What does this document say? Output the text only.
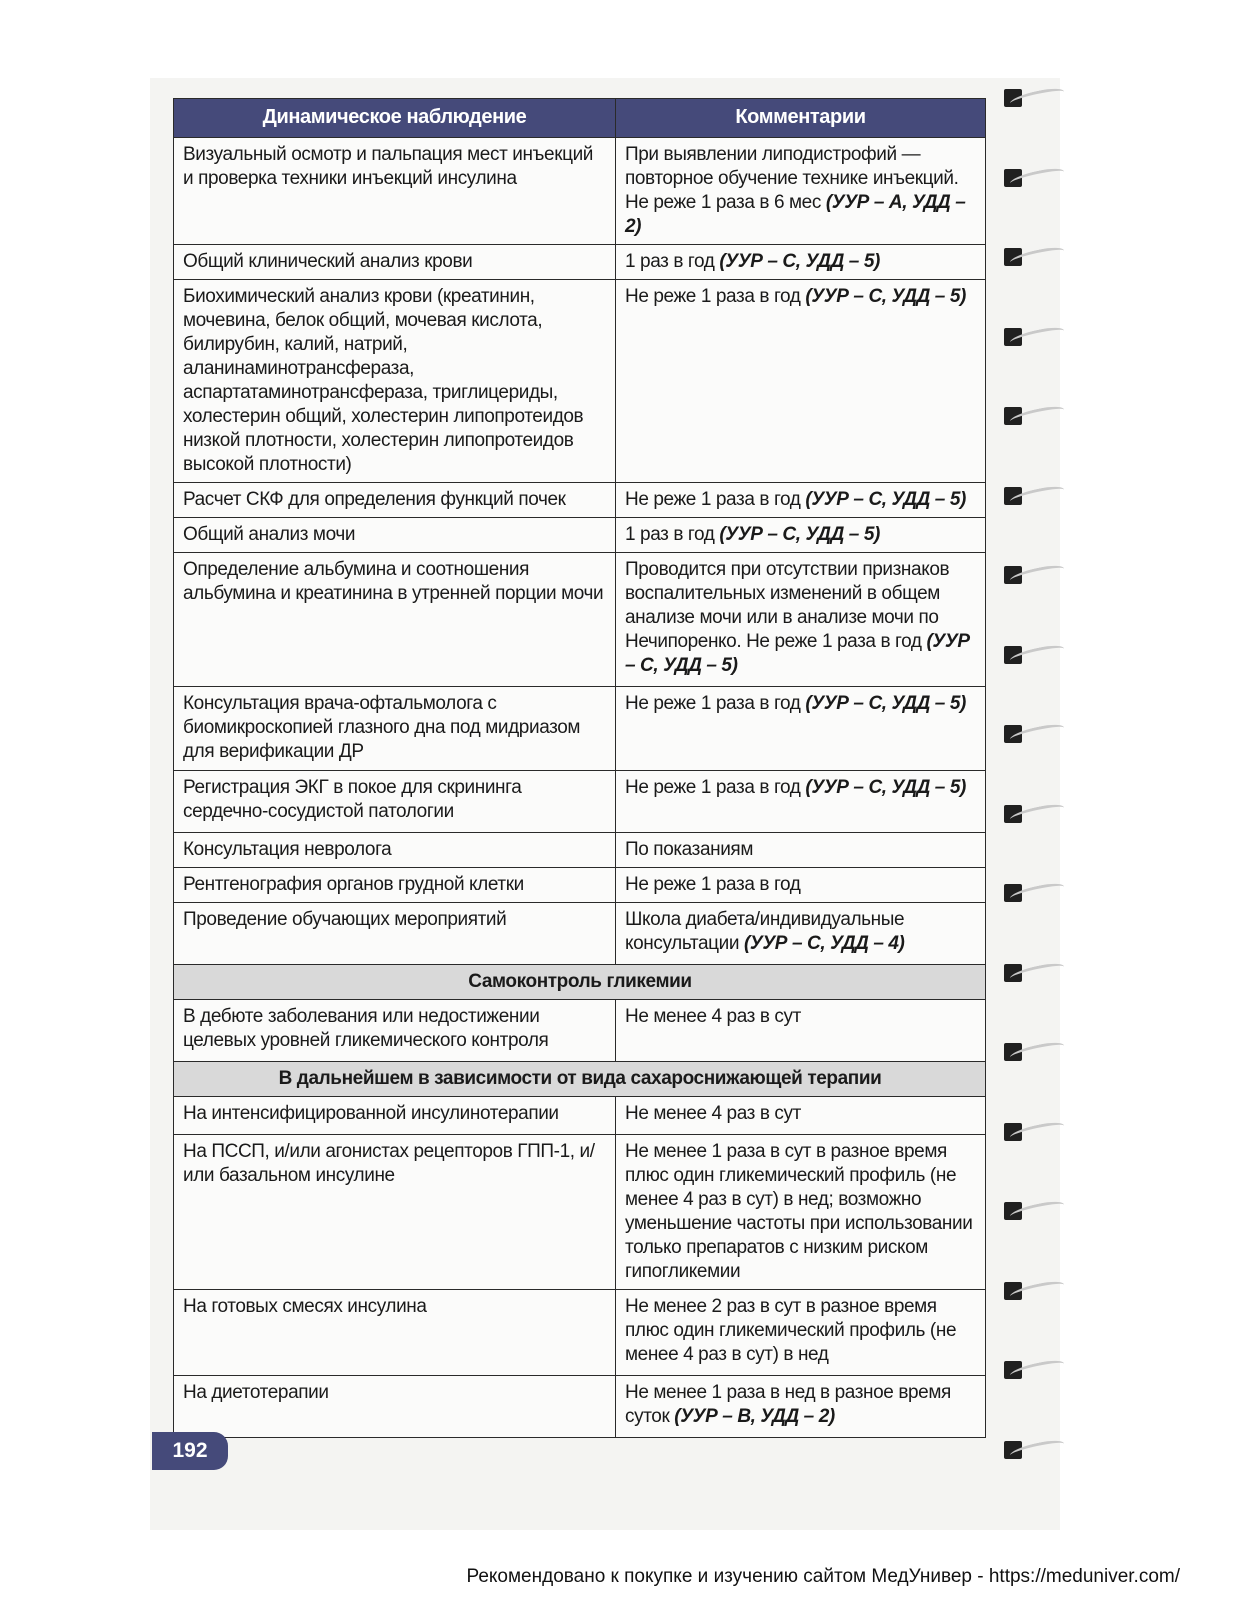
Динамическое наблюдение	Комментарии
Визуальный осмотр и пальпация мест инъекций и проверка техники инъекций инсулина	При выявлении липодистрофий — повторное обучение технике инъекций. Не реже 1 раза в 6 мес (УУР – А, УДД – 2)
Общий клинический анализ крови	1 раз в год (УУР – С, УДД – 5)
Биохимический анализ крови (креатинин, мочевина, белок общий, мочевая кислота, билирубин, калий, натрий, аланинаминотрансфераза, аспартатаминотрансфераза, триглицериды, холестерин общий, холестерин липопротеидов низкой плотности, холестерин липопротеидов высокой плотности)	Не реже 1 раза в год (УУР – С, УДД – 5)
Расчет СКФ для определения функций почек	Не реже 1 раза в год (УУР – С, УДД – 5)
Общий анализ мочи	1 раз в год (УУР – С, УДД – 5)
Определение альбумина и соотношения альбумина и креатинина в утренней порции мочи	Проводится при отсутствии признаков воспалительных изменений в общем анализе мочи или в анализе мочи по Нечипоренко. Не реже 1 раза в год (УУР – С, УДД – 5)
Консультация врача-офтальмолога с биомикроскопией глазного дна под мидриазом для верификации ДР	Не реже 1 раза в год (УУР – С, УДД – 5)
Регистрация ЭКГ в покое для скрининга сердечно-сосудистой патологии	Не реже 1 раза в год (УУР – С, УДД – 5)
Консультация невролога	По показаниям
Рентгенография органов грудной клетки	Не реже 1 раза в год
Проведение обучающих мероприятий	Школа диабета/индивидуальные консультации (УУР – С, УДД – 4)
Самоконтроль гликемии	
В дебюте заболевания или недостижении целевых уровней гликемического контроля	Не менее 4 раз в сут
В дальнейшем в зависимости от вида сахароснижающей терапии	
На интенсифицированной инсулинотерапии	Не менее 4 раз в сут
На ПССП, и/или агонистах рецепторов ГПП-1, и/или базальном инсулине	Не менее 1 раза в сут в разное время плюс один гликемический профиль (не менее 4 раз в сут) в нед; возможно уменьшение частоты при использовании только препаратов с низким риском гипогликемии
На готовых смесях инсулина	Не менее 2 раз в сут в разное время плюс один гликемический профиль (не менее 4 раз в сут) в нед
На диетотерапии	Не менее 1 раза в нед в разное время суток (УУР – В, УДД – 2)
192
Рекомендовано к покупке и изучению сайтом МедУнивер - https://meduniver.com/
